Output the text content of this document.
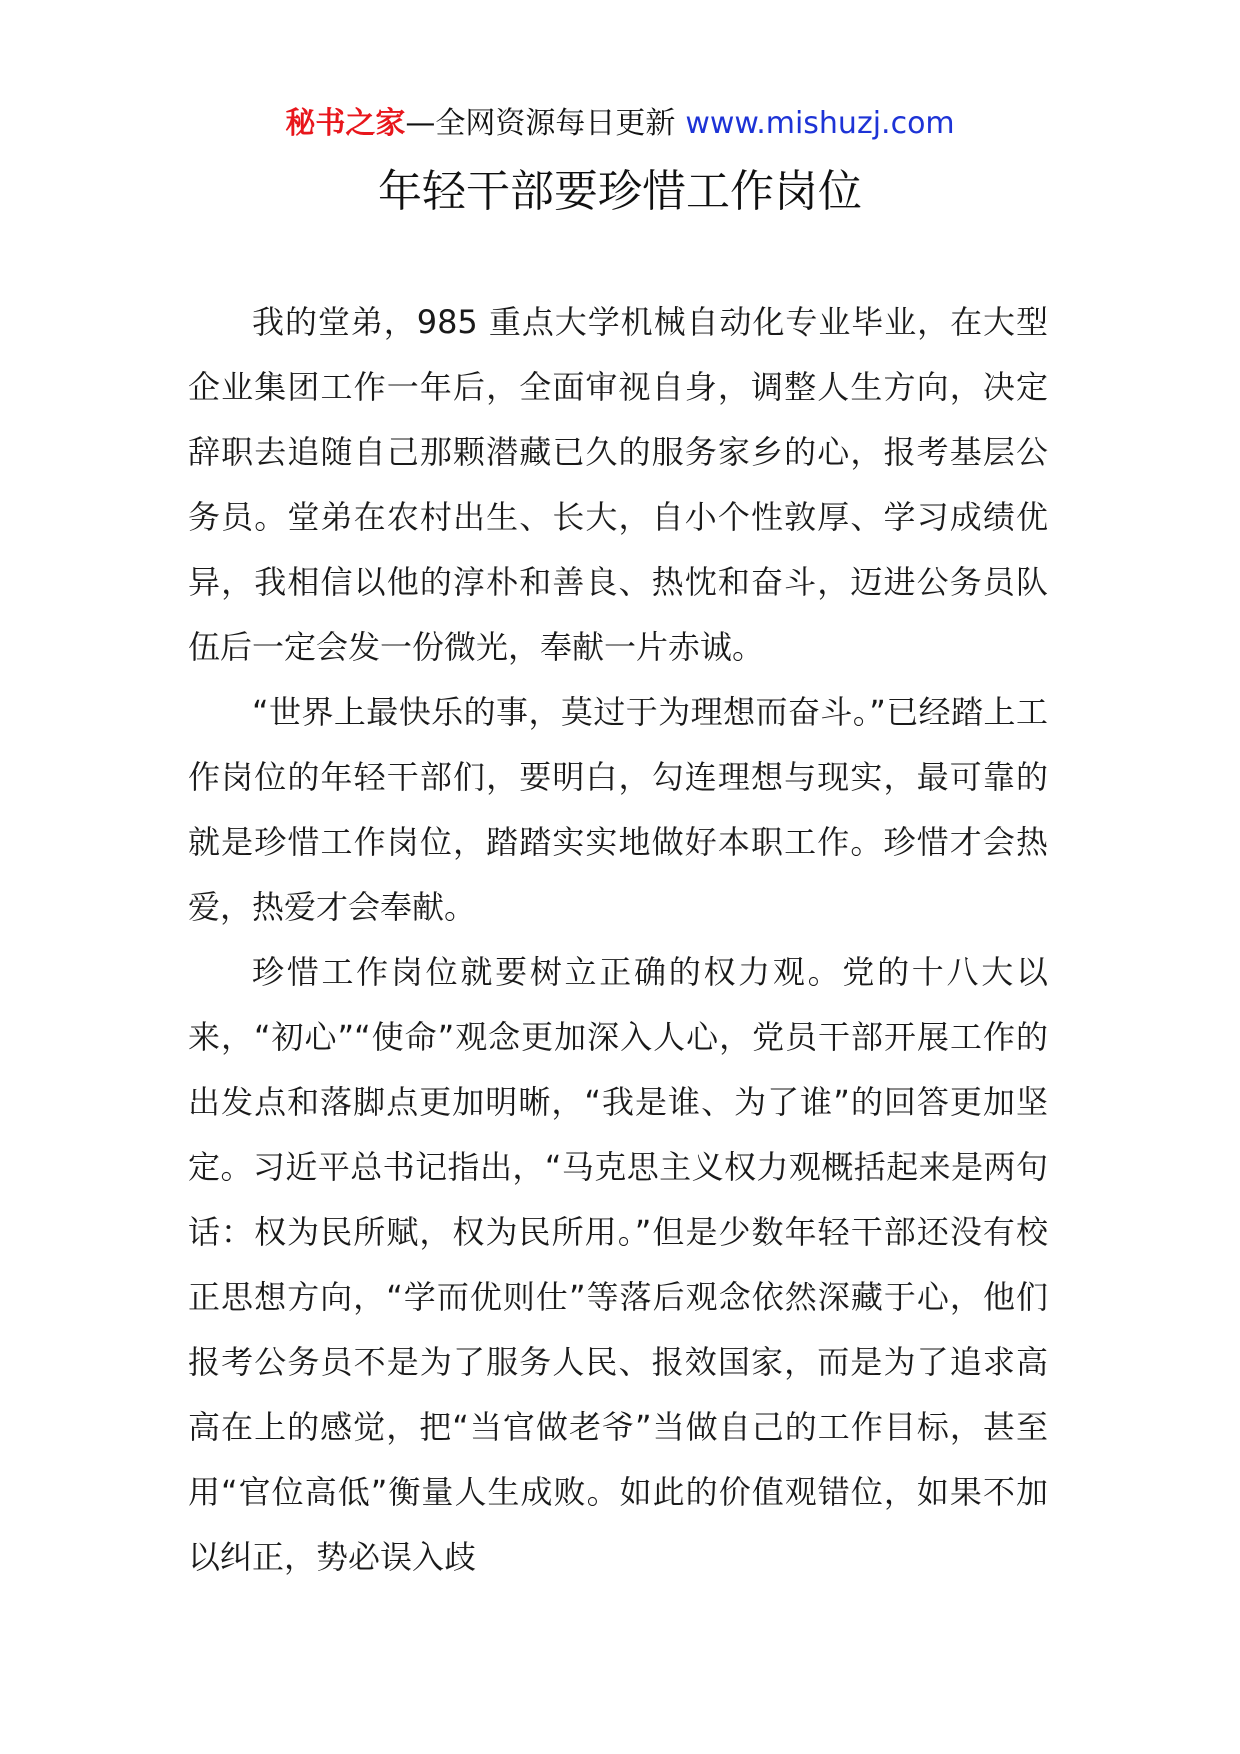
秘书之家—全网资源每日更新 www.mishuzj.com
年轻干部要珍惜工作岗位

我的堂弟，985 重点大学机械自动化专业毕业，在大型企业集团工作一年后，全面审视自身，调整人生方向，决定辞职去追随自己那颗潜藏已久的服务家乡的心，报考基层公务员。堂弟在农村出生、长大，自小个性敦厚、学习成绩优异，我相信以他的淳朴和善良、热忱和奋斗，迈进公务员队伍后一定会发一份微光，奉献一片赤诚。

“世界上最快乐的事，莫过于为理想而奋斗。”已经踏上工作岗位的年轻干部们，要明白，勾连理想与现实，最可靠的就是珍惜工作岗位，踏踏实实地做好本职工作。珍惜才会热爱，热爱才会奉献。

珍惜工作岗位就要树立正确的权力观。党的十八大以来，“初心”“使命”观念更加深入人心，党员干部开展工作的出发点和落脚点更加明晰，“我是谁、为了谁”的回答更加坚定。习近平总书记指出，“马克思主义权力观概括起来是两句话：权为民所赋，权为民所用。”但是少数年轻干部还没有校正思想方向，“学而优则仕”等落后观念依然深藏于心，他们报考公务员不是为了服务人民、报效国家，而是为了追求高高在上的感觉，把“当官做老爷”当做自己的工作目标，甚至用“官位高低”衡量人生成败。如此的价值观错位，如果不加以纠正，势必误入歧
